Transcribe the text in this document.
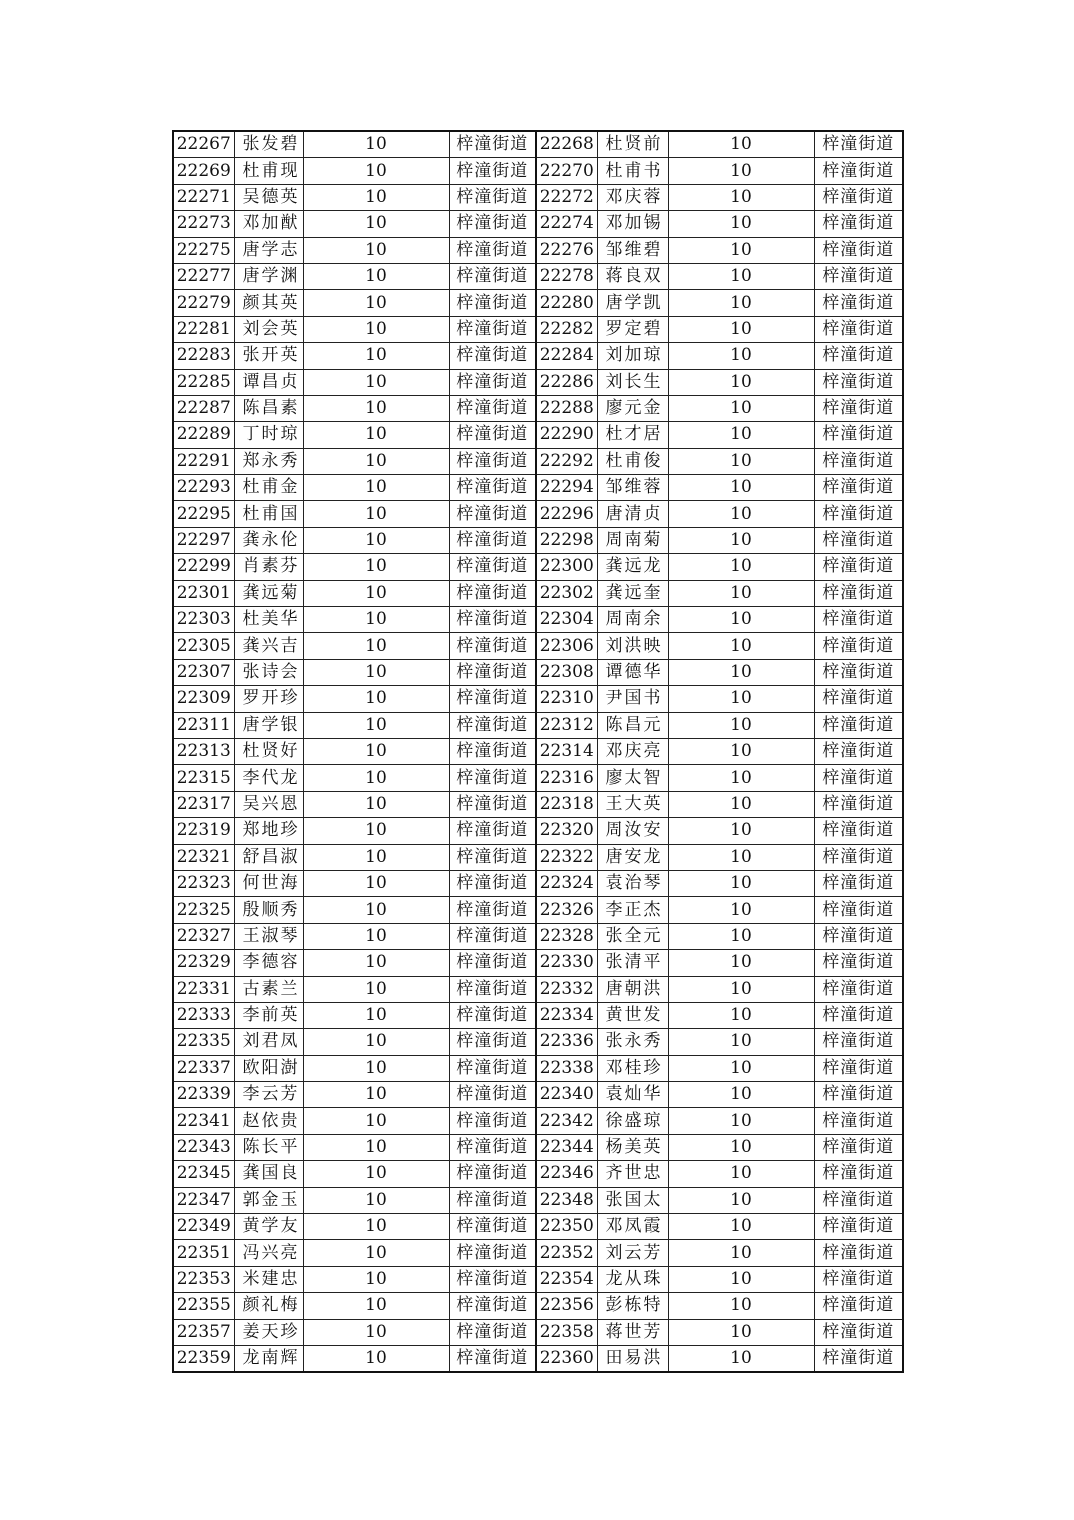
22267	张发碧	10	梓潼街道	22268	杜贤前	10	梓潼街道
22269	杜甫现	10	梓潼街道	22270	杜甫书	10	梓潼街道
22271	吴德英	10	梓潼街道	22272	邓庆蓉	10	梓潼街道
22273	邓加猷	10	梓潼街道	22274	邓加锡	10	梓潼街道
22275	唐学志	10	梓潼街道	22276	邹维碧	10	梓潼街道
22277	唐学渊	10	梓潼街道	22278	蒋良双	10	梓潼街道
22279	颜其英	10	梓潼街道	22280	唐学凯	10	梓潼街道
22281	刘会英	10	梓潼街道	22282	罗定碧	10	梓潼街道
22283	张开英	10	梓潼街道	22284	刘加琼	10	梓潼街道
22285	谭昌贞	10	梓潼街道	22286	刘长生	10	梓潼街道
22287	陈昌素	10	梓潼街道	22288	廖元金	10	梓潼街道
22289	丁时琼	10	梓潼街道	22290	杜才居	10	梓潼街道
22291	郑永秀	10	梓潼街道	22292	杜甫俊	10	梓潼街道
22293	杜甫金	10	梓潼街道	22294	邹维蓉	10	梓潼街道
22295	杜甫国	10	梓潼街道	22296	唐清贞	10	梓潼街道
22297	龚永伦	10	梓潼街道	22298	周南菊	10	梓潼街道
22299	肖素芬	10	梓潼街道	22300	龚远龙	10	梓潼街道
22301	龚远菊	10	梓潼街道	22302	龚远奎	10	梓潼街道
22303	杜美华	10	梓潼街道	22304	周南余	10	梓潼街道
22305	龚兴吉	10	梓潼街道	22306	刘洪映	10	梓潼街道
22307	张诗会	10	梓潼街道	22308	谭德华	10	梓潼街道
22309	罗开珍	10	梓潼街道	22310	尹国书	10	梓潼街道
22311	唐学银	10	梓潼街道	22312	陈昌元	10	梓潼街道
22313	杜贤好	10	梓潼街道	22314	邓庆亮	10	梓潼街道
22315	李代龙	10	梓潼街道	22316	廖太智	10	梓潼街道
22317	吴兴恩	10	梓潼街道	22318	王大英	10	梓潼街道
22319	郑地珍	10	梓潼街道	22320	周汝安	10	梓潼街道
22321	舒昌淑	10	梓潼街道	22322	唐安龙	10	梓潼街道
22323	何世海	10	梓潼街道	22324	袁治琴	10	梓潼街道
22325	殷顺秀	10	梓潼街道	22326	李正杰	10	梓潼街道
22327	王淑琴	10	梓潼街道	22328	张全元	10	梓潼街道
22329	李德容	10	梓潼街道	22330	张清平	10	梓潼街道
22331	古素兰	10	梓潼街道	22332	唐朝洪	10	梓潼街道
22333	李前英	10	梓潼街道	22334	黄世发	10	梓潼街道
22335	刘君凤	10	梓潼街道	22336	张永秀	10	梓潼街道
22337	欧阳澍	10	梓潼街道	22338	邓桂珍	10	梓潼街道
22339	李云芳	10	梓潼街道	22340	袁灿华	10	梓潼街道
22341	赵依贵	10	梓潼街道	22342	徐盛琼	10	梓潼街道
22343	陈长平	10	梓潼街道	22344	杨美英	10	梓潼街道
22345	龚国良	10	梓潼街道	22346	齐世忠	10	梓潼街道
22347	郭金玉	10	梓潼街道	22348	张国太	10	梓潼街道
22349	黄学友	10	梓潼街道	22350	邓凤霞	10	梓潼街道
22351	冯兴亮	10	梓潼街道	22352	刘云芳	10	梓潼街道
22353	米建忠	10	梓潼街道	22354	龙从珠	10	梓潼街道
22355	颜礼梅	10	梓潼街道	22356	彭栋特	10	梓潼街道
22357	姜天珍	10	梓潼街道	22358	蒋世芳	10	梓潼街道
22359	龙南辉	10	梓潼街道	22360	田易洪	10	梓潼街道
